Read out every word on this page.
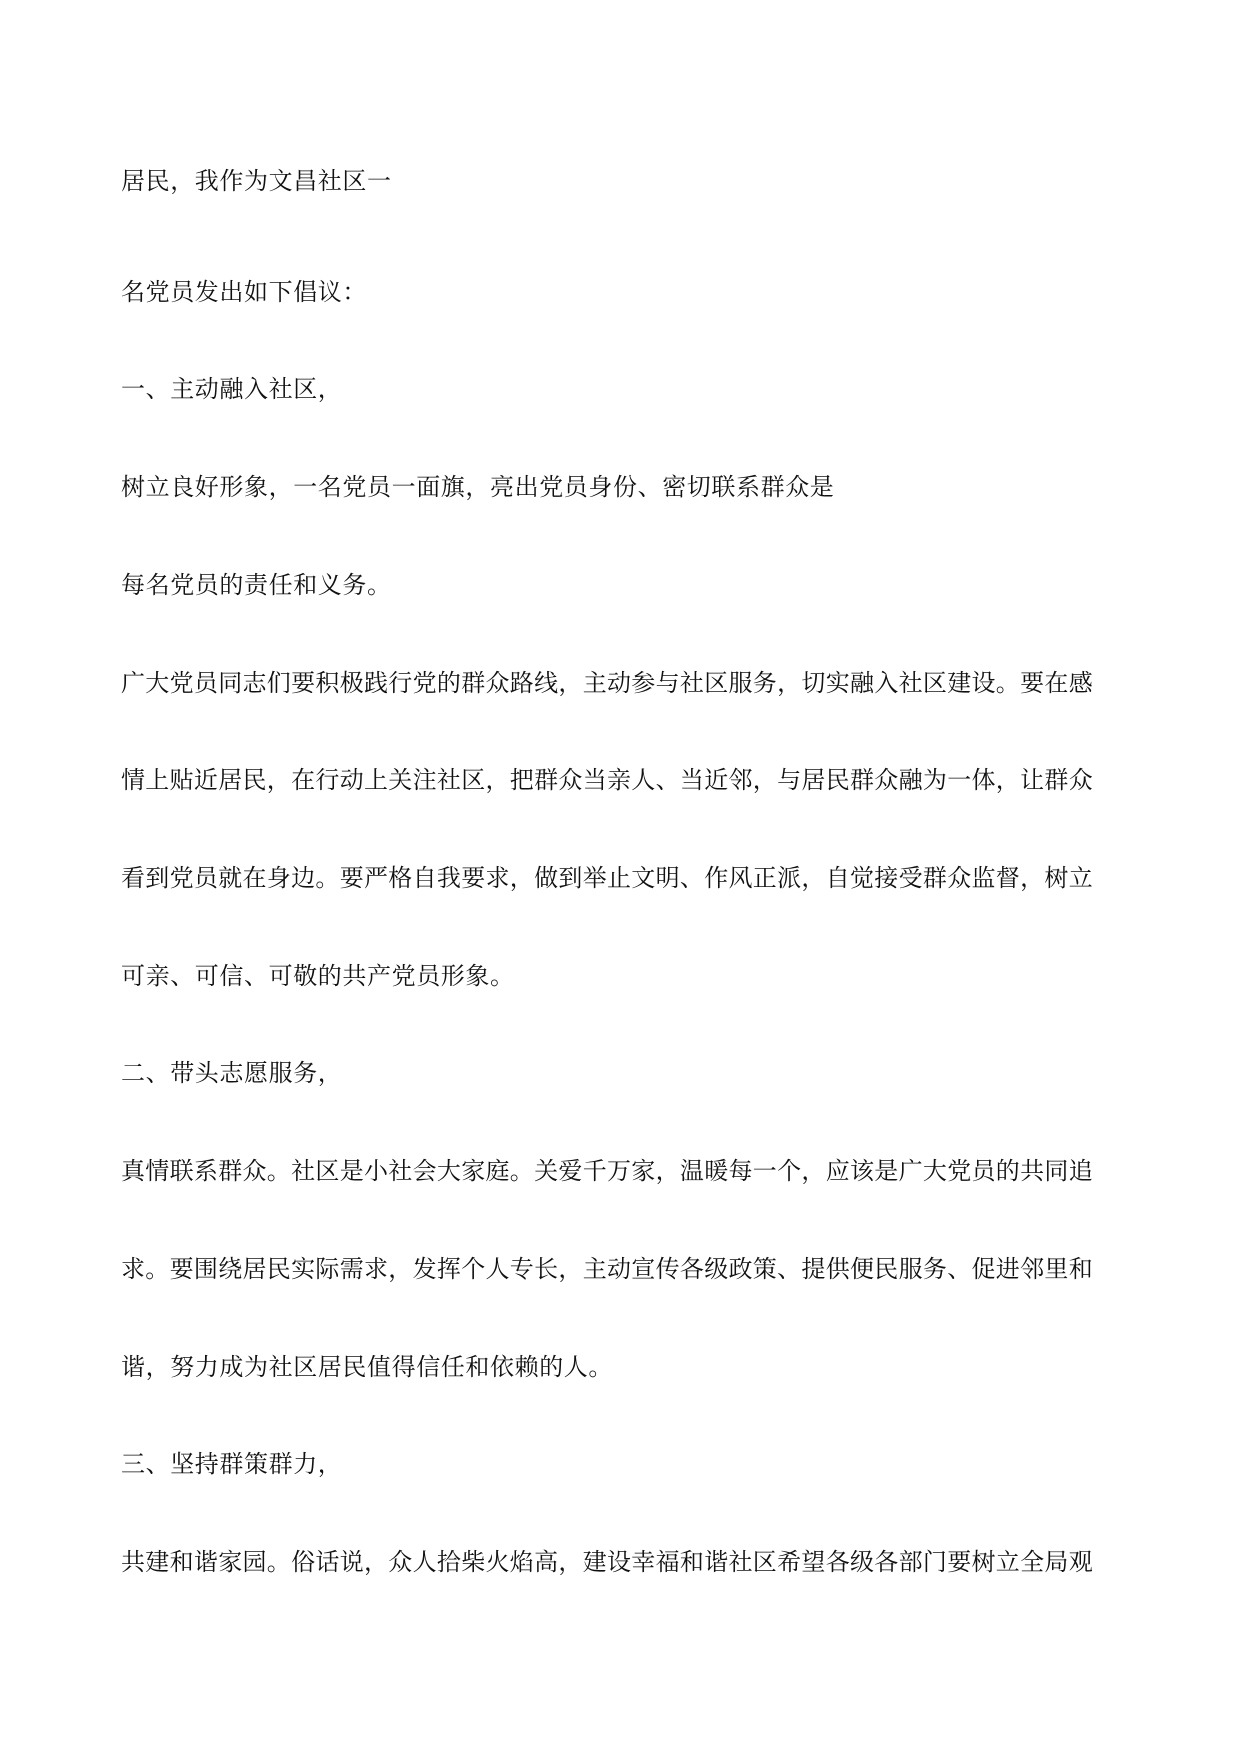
居民，我作为文昌社区一

名党员发出如下倡议：

一、主动融入社区，

树立良好形象，一名党员一面旗，亮出党员身份、密切联系群众是

每名党员的责任和义务。

广大党员同志们要积极践行党的群众路线，主动参与社区服务，切实融入社区建设。要在感

情上贴近居民，在行动上关注社区，把群众当亲人、当近邻，与居民群众融为一体，让群众

看到党员就在身边。要严格自我要求，做到举止文明、作风正派，自觉接受群众监督，树立

可亲、可信、可敬的共产党员形象。

二、带头志愿服务，

真情联系群众。社区是小社会大家庭。关爱千万家，温暖每一个，应该是广大党员的共同追

求。要围绕居民实际需求，发挥个人专长，主动宣传各级政策、提供便民服务、促进邻里和

谐，努力成为社区居民值得信任和依赖的人。

三、坚持群策群力，

共建和谐家园。俗话说，众人拾柴火焰高，建设幸福和谐社区希望各级各部门要树立全局观
